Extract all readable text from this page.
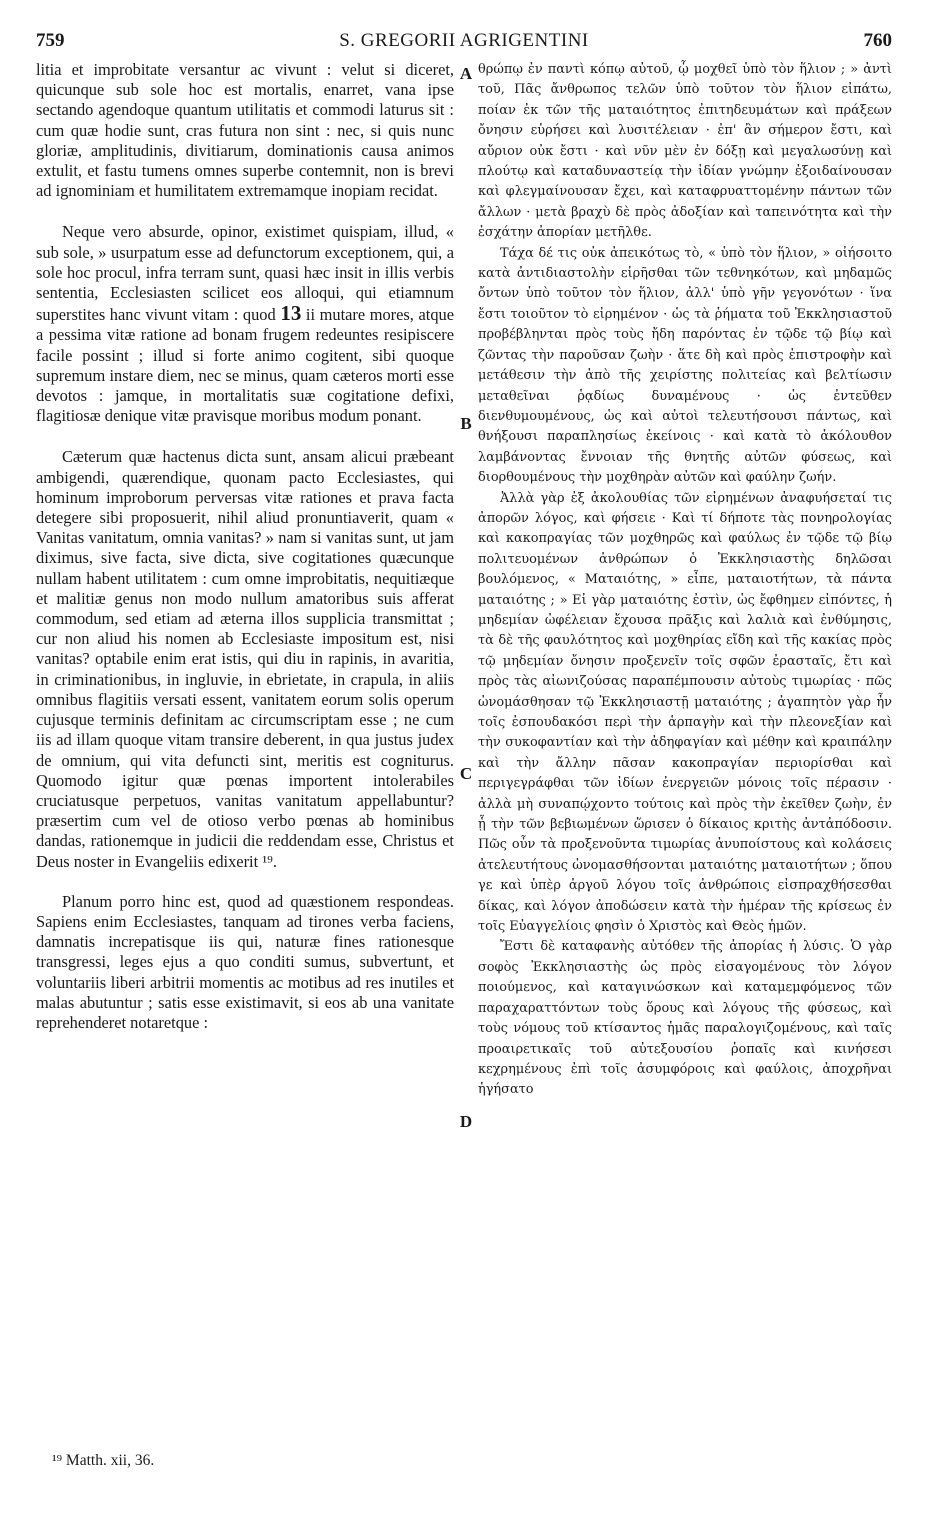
759	S. GREGORII AGRIGENTINI	760

litia et improbitate versantur ac vivunt : velut si diceret, quicunque sub sole hoc est mortalis, enarret, vana ipse sectando agendoque quantum utilitatis et commodi laturus sit : cum quæ hodie sunt, cras futura non sint : nec, si quis nunc gloriæ, amplitudinis, divitiarum, dominationis causa animos extulit, et fastu tumens omnes superbe contemnit, non is brevi ad ignominiam et humilitatem extremamque inopiam recidat.

Neque vero absurde, opinor, existimet quispiam, illud, « sub sole, » usurpatum esse ad defunctorum exceptionem, qui, a sole hoc procul, infra terram sunt, quasi hæc insit in illis verbis sententia, Ecclesiasten scilicet eos alloqui, qui etiamnum superstites hanc vivunt vitam : quod 13 ii mutare mores, atque a pessima vitæ ratione ad bonam frugem redeuntes resipiscere facile possint ; illud si forte animo cogitent, sibi quoque supremum instare diem, nec se minus, quam cæteros morti esse devotos : jamque, in mortalitatis suæ cogitatione defixi, flagitiosæ denique vitæ pravisque moribus modum ponant.

Cæterum quæ hactenus dicta sunt, ansam alicui præbeant ambigendi, quærendique, quonam pacto Ecclesiastes, qui hominum improborum perversas vitæ rationes et prava facta detegere sibi proposuerit, nihil aliud pronuntiaverit, quam « Vanitas vanitatum, omnia vanitas? » nam si vanitas sunt, ut jam diximus, sive facta, sive dicta, sive cogitationes quæcunque nullam habent utilitatem : cum omne improbitatis, nequitiæque et malitiæ genus non modo nullum amatoribus suis afferat commodum, sed etiam ad æterna illos supplicia transmittat ; cur non aliud his nomen ab Ecclesiaste impositum est, nisi vanitas? optabile enim erat istis, qui diu in rapinis, in avaritia, in criminationibus, in ingluvie, in ebrietate, in crapula, in aliis omnibus flagitiis versati essent, vanitatem eorum solis operum cujusque terminis definitam ac circumscriptam esse ; ne cum iis ad illam quoque vitam transire deberent, in qua justus judex de omnium, qui vita defuncti sint, meritis est cogniturus. Quomodo igitur quæ pœnas importent intolerabiles cruciatusque perpetuos, vanitas vanitatum appellabuntur? præsertim cum vel de otioso verbo pœnas ab hominibus dandas, rationemque in judicii die reddendam esse, Christus et Deus noster in Evangeliis edixerit ¹⁹.

Planum porro hinc est, quod ad quæstionem respondeas. Sapiens enim Ecclesiastes, tanquam ad tirones verba faciens, damnatis increpatisque iis qui, naturæ fines rationesque transgressi, leges ejus a quo conditi sumus, subvertunt, et voluntariis liberi arbitrii momentis ac motibus ad res inutiles et malas abutuntur ; satis esse existimavit, si eos ab una vanitate reprehenderet notaretque :

A
B
C
D

θρώπῳ ἐν παντὶ κόπῳ αὐτοῦ, ᾧ μοχθεῖ ὑπὸ τὸν ἥλιον ; » ἀντὶ τοῦ, Πᾶς ἄνθρωπος τελῶν ὑπὸ τοῦτον τὸν ἥλιον εἰπάτω, ποίαν ἐκ τῶν τῆς ματαιότητος ἐπιτηδευμάτων καὶ πράξεων ὄνησιν εὑρήσει καὶ λυσιτέλειαν · ἐπ' ἂν σήμερον ἔστι, καὶ αὔριον οὐκ ἔστι · καὶ νῦν μὲν ἐν δόξῃ καὶ μεγαλωσύνῃ καὶ πλούτῳ καὶ καταδυναστείᾳ τὴν ἰδίαν γνώμην ἐξοιδαίνουσαν καὶ φλεγμαίνουσαν ἔχει, καὶ καταφρυαττομένην πάντων τῶν ἄλλων · μετὰ βραχὺ δὲ πρὸς ἀδοξίαν καὶ ταπεινότητα καὶ τὴν ἐσχάτην ἀπορίαν μετῆλθε.

Τάχα δέ τις οὐκ ἀπεικότως τὸ, « ὑπὸ τὸν ἥλιον, » οἰήσοιτο κατὰ ἀντιδιαστολὴν εἰρῆσθαι τῶν τεθνηκότων, καὶ μηδαμῶς ὄντων ὑπὸ τοῦτον τὸν ἥλιον, ἀλλ' ὑπὸ γῆν γεγονότων · ἵνα ἔστι τοιοῦτον τὸ εἰρημένον · ὡς τὰ ῥήματα τοῦ Ἐκκλησιαστοῦ προβέβληνται πρὸς τοὺς ἤδη παρόντας ἐν τῷδε τῷ βίῳ καὶ ζῶντας τὴν παροῦσαν ζωὴν · ἅτε δὴ καὶ πρὸς ἐπιστροφὴν καὶ μετάθεσιν τὴν ἀπὸ τῆς χειρίστης πολιτείας καὶ βελτίωσιν μεταθεῖναι ῥᾳδίως δυναμένους · ὡς ἐντεῦθεν διενθυμουμένους, ὡς καὶ αὐτοὶ τελευτήσουσι πάντως, καὶ θνήξουσι παραπλησίως ἐκείνοις · καὶ κατὰ τὸ ἀκόλουθον λαμβάνοντας ἔννοιαν τῆς θνητῆς αὐτῶν φύσεως, καὶ διορθουμένους τὴν μοχθηρὰν αὐτῶν καὶ φαύλην ζωήν.

Ἀλλὰ γὰρ ἐξ ἀκολουθίας τῶν εἰρημένων ἀναφυήσεταί τις ἀπορῶν λόγος, καὶ φήσειε · Καὶ τί δήποτε τὰς πονηρολογίας καὶ κακοπραγίας τῶν μοχθηρῶς καὶ φαύλως ἐν τῷδε τῷ βίῳ πολιτευομένων ἀνθρώπων ὁ Ἐκκλησιαστὴς δηλῶσαι βουλόμενος, « Ματαιότης, » εἶπε, ματαιοτήτων, τὰ πάντα ματαιότης ; » Εἰ γὰρ ματαιότης ἐστὶν, ὡς ἔφθημεν εἰπόντες, ἡ μηδεμίαν ὠφέλειαν ἔχουσα πρᾶξις καὶ λαλιὰ καὶ ἐνθύμησις, τὰ δὲ τῆς φαυλότητος καὶ μοχθηρίας εἴδη καὶ τῆς κακίας πρὸς τῷ μηδεμίαν ὄνησιν προξενεῖν τοῖς σφῶν ἐρασταῖς, ἔτι καὶ πρὸς τὰς αἰωνιζούσας παραπέμπουσιν αὐτοὺς τιμωρίας · πῶς ὠνομάσθησαν τῷ Ἐκκλησιαστῇ ματαιότης ; ἀγαπητὸν γὰρ ἦν τοῖς ἐσπουδακόσι περὶ τὴν ἁρπαγὴν καὶ τὴν πλεονεξίαν καὶ τὴν συκοφαντίαν καὶ τὴν ἀδηφαγίαν καὶ μέθην καὶ κραιπάλην καὶ τὴν ἄλλην πᾶσαν κακοπραγίαν περιορίσθαι καὶ περιγεγράφθαι τῶν ἰδίων ἐνεργειῶν μόνοις τοῖς πέρασιν · ἀλλὰ μὴ συναπῴχοντο τούτοις καὶ πρὸς τὴν ἐκεῖθεν ζωὴν, ἐν ᾗ τὴν τῶν βεβιωμένων ὥρισεν ὁ δίκαιος κριτὴς ἀντἀπόδοσιν. Πῶς οὖν τὰ προξενοῦντα τιμωρίας ἀνυποίστους καὶ κολάσεις ἀτελευτήτους ὠνομασθήσονται ματαιότης ματαιοτήτων ; ὅπου γε καὶ ὑπὲρ ἀργοῦ λόγου τοῖς ἀνθρώποις εἰσπραχθήσεσθαι δίκας, καὶ λόγον ἀποδώσειν κατὰ τὴν ἡμέραν τῆς κρίσεως ἐν τοῖς Εὐαγγελίοις φησὶν ὁ Χριστὸς καὶ Θεὸς ἡμῶν.

Ἔστι δὲ καταφανὴς αὐτόθεν τῆς ἀπορίας ἡ λύσις. Ὁ γὰρ σοφὸς Ἐκκλησιαστὴς ὡς πρὸς εἰσαγομένους τὸν λόγον ποιούμενος, καὶ καταγινώσκων καὶ καταμεμφόμενος τῶν παραχαραττόντων τοὺς ὅρους καὶ λόγους τῆς φύσεως, καὶ τοὺς νόμους τοῦ κτίσαντος ἡμᾶς παραλογιζομένους, καὶ ταῖς προαιρετικαῖς τοῦ αὐτεξουσίου ῥοπαῖς καὶ κινήσεσι κεχρημένους ἐπὶ τοῖς ἀσυμφόροις καὶ φαύλοις, ἀποχρῆναι ἡγήσατο

¹⁹ Matth. xii, 36.
